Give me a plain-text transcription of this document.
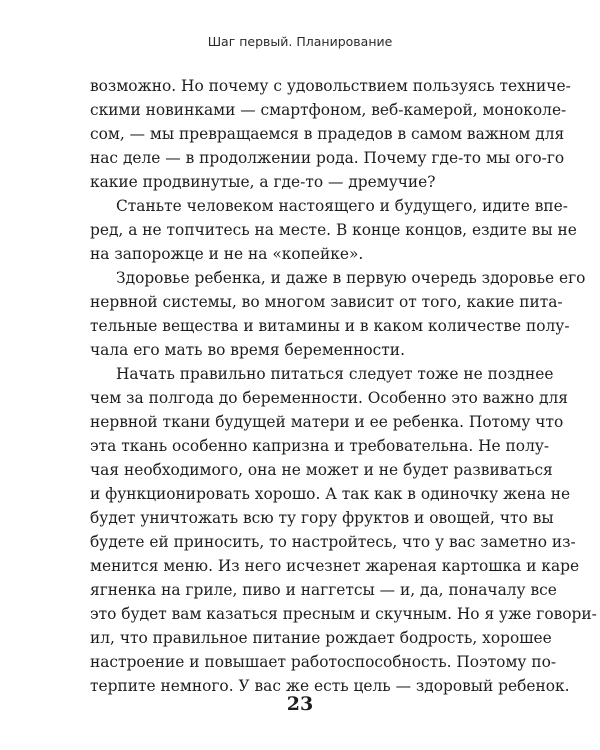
Шаг первый. Планирование
возможно. Но почему с удовольствием пользуясь техниче-
скими новинками — смартфоном, веб-камерой, моноколе-
сом, — мы превращаемся в прадедов в самом важном для
нас деле — в продолжении рода. Почему где-то мы ого-го
какие продвинутые, а где-то — дремучие?
Станьте человеком настоящего и будущего, идите впе-
ред, а не топчитесь на месте. В конце концов, ездите вы не
на запорожце и не на «копейке».
Здоровье ребенка, и даже в первую очередь здоровье его
нервной системы, во многом зависит от того, какие пита-
тельные вещества и витамины и в каком количестве полу-
чала его мать во время беременности.
Начать правильно питаться следует тоже не позднее
чем за полгода до беременности. Особенно это важно для
нервной ткани будущей матери и ее ребенка. Потому что
эта ткань особенно капризна и требовательна. Не полу-
чая необходимого, она не может и не будет развиваться
и функционировать хорошо. А так как в одиночку жена не
будет уничтожать всю ту гору фруктов и овощей, что вы
будете ей приносить, то настройтесь, что у вас заметно из-
менится меню. Из него исчезнет жареная картошка и каре
ягненка на гриле, пиво и наггетсы — и, да, поначалу все
это будет вам казаться пресным и скучным. Но я уже говори-
ил, что правильное питание рождает бодрость, хорошее
настроение и повышает работоспособность. Поэтому по-
терпите немного. У вас же есть цель — здоровый ребенок.
23
